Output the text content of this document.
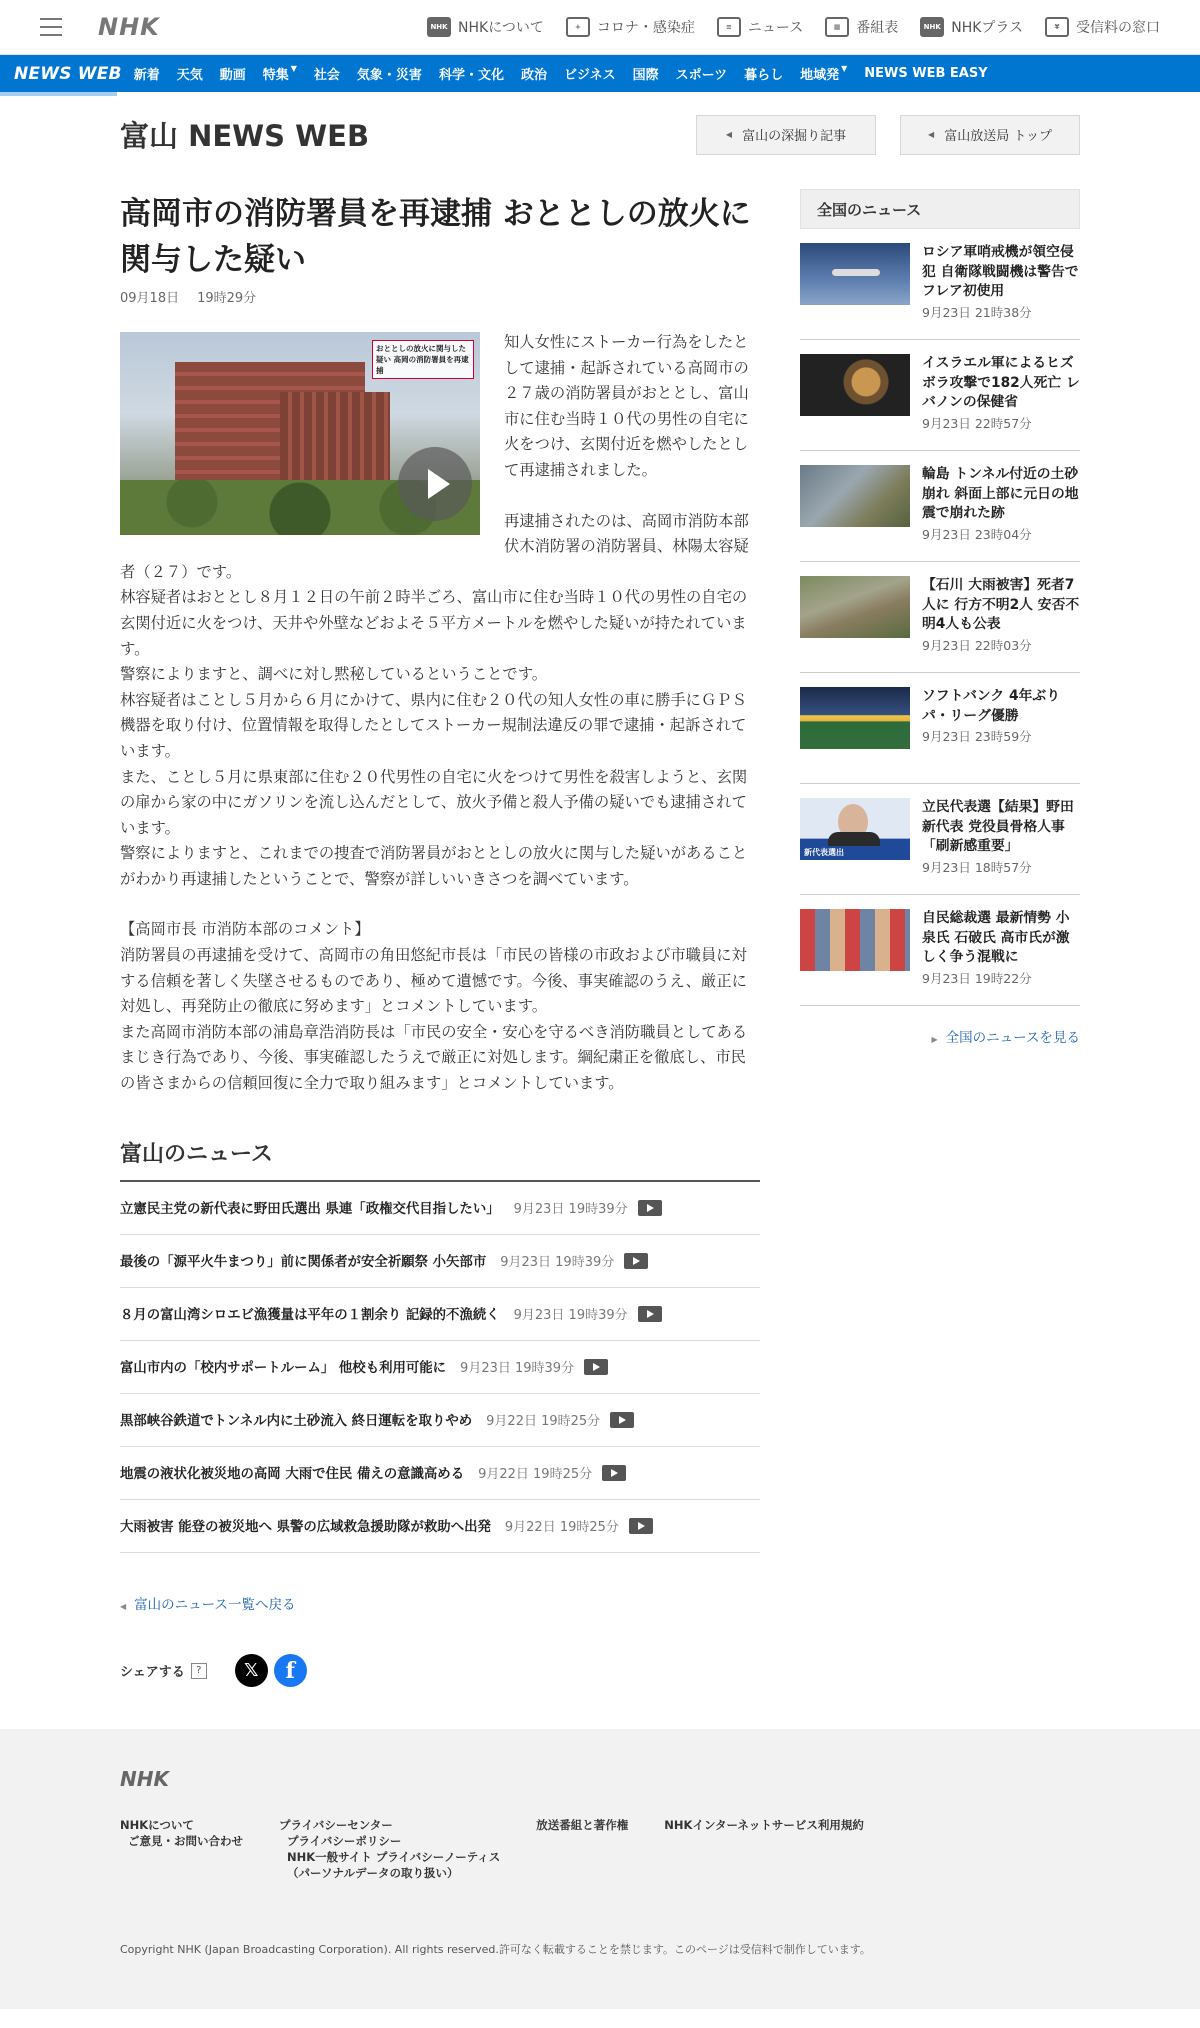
NHK	NHK NHKについて	+	コロナ・感染症	≡	ニュース	▦	番組表	NHK NHKプラス	¥	受信料の窓口
NEWS WEB 新着 天気 動画 特集 ▼ 社会 気象・災害 科学・文化 政治 ビジネス 国際 スポーツ 暮らし 地域発 ▼ NEWS WEB EASY
富山 NEWS WEB	◀ 富山の深掘り記事	◀ 富山放送局 トップ
高岡市の消防署員を再逮捕 おととしの放火に関与した疑い
09月18日 19時29分
おととしの放火に関与した疑い 高岡の消防署員を再逮捕

知人女性にストーカー行為をしたとして逮捕・起訴されている高岡市の２７歳の消防署員がおととし、富山市に住む当時１０代の男性の自宅に火をつけ、玄関付近を燃やしたとして再逮捕されました。

再逮捕されたのは、高岡市消防本部伏木消防署の消防署員、林陽太容疑者（２７）です。

林容疑者はおととし８月１２日の午前２時半ごろ、富山市に住む当時１０代の男性の自宅の玄関付近に火をつけ、天井や外壁などおよそ５平方メートルを燃やした疑いが持たれています。

警察によりますと、調べに対し黙秘しているということです。

林容疑者はことし５月から６月にかけて、県内に住む２０代の知人女性の車に勝手にＧＰＳ機器を取り付け、位置情報を取得したとしてストーカー規制法違反の罪で逮捕・起訴されています。

また、ことし５月に県東部に住む２０代男性の自宅に火をつけて男性を殺害しようと、玄関の扉から家の中にガソリンを流し込んだとして、放火予備と殺人予備の疑いでも逮捕されています。

警察によりますと、これまでの捜査で消防署員がおととしの放火に関与した疑いがあることがわかり再逮捕したということで、警察が詳しいいきさつを調べています。

【高岡市長 市消防本部のコメント】

消防署員の再逮捕を受けて、高岡市の角田悠紀市長は「市民の皆様の市政および市職員に対する信頼を著しく失墜させるものであり、極めて遺憾です。今後、事実確認のうえ、厳正に対処し、再発防止の徹底に努めます」とコメントしています。

また高岡市消防本部の浦島章浩消防長は「市民の安全・安心を守るべき消防職員としてあるまじき行為であり、今後、事実確認したうえで厳正に対処します。綱紀粛正を徹底し、市民の皆さまからの信頼回復に全力で取り組みます」とコメントしています。

富山のニュース
立憲民主党の新代表に野田氏選出 県連「政権交代目指したい」 9月23日 19時39分
最後の「源平火牛まつり」前に関係者が安全祈願祭 小矢部市 9月23日 19時39分
８月の富山湾シロエビ漁獲量は平年の１割余り 記録的不漁続く 9月23日 19時39分
富山市内の「校内サポートルーム」 他校も利用可能に 9月23日 19時39分
黒部峡谷鉄道でトンネル内に土砂流入 終日運転を取りやめ 9月22日 19時25分
地震の液状化被災地の高岡 大雨で住民 備えの意識高める 9月22日 19時25分
大雨被害 能登の被災地へ 県警の広域救急援助隊が救助へ出発 9月22日 19時25分
◀ 富山のニュース一覧へ戻る
シェアする	?	𝕏	f
全国のニュース
ロシア軍哨戒機が領空侵犯 自衛隊戦闘機は警告でフレア初使用
9月23日 21時38分
イスラエル軍によるヒズボラ攻撃で182人死亡 レバノンの保健省
9月23日 22時57分
輪島 トンネル付近の土砂崩れ 斜面上部に元日の地震で崩れた跡
9月23日 23時04分
【石川 大雨被害】死者7人に 行方不明2人 安否不明4人も公表
9月23日 22時03分
ソフトバンク 4年ぶりパ・リーグ優勝
9月23日 23時59分
新代表選出
立民代表選【結果】野田新代表 党役員骨格人事「刷新感重要」
9月23日 18時57分
自民総裁選 最新情勢 小泉氏 石破氏 高市氏が激しく争う混戦に
9月23日 19時22分
▶ 全国のニュースを見る
NHK
NHKについて
ご意見・お問い合わせ
プライバシーセンター
プライバシーポリシー
NHK一般サイト プライバシーノーティス
（パーソナルデータの取り扱い）
放送番組と著作権	NHKインターネットサービス利用規約
Copyright NHK (Japan Broadcasting Corporation). All rights reserved.許可なく転載することを禁じます。このページは受信料で制作しています。
